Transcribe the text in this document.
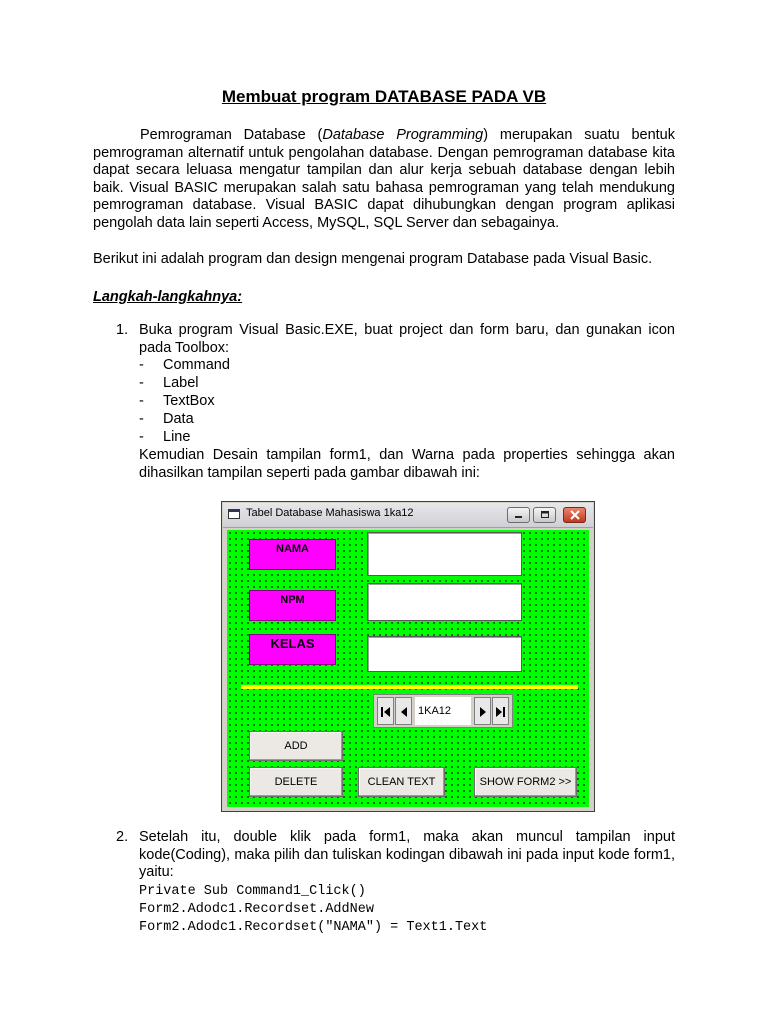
Membuat program DATABASE PADA VB

Pemrograman Database (Database Programming) merupakan suatu bentuk pemrograman alternatif untuk pengolahan database. Dengan pemrograman database kita dapat secara leluasa mengatur tampilan dan alur kerja sebuah database dengan lebih baik. Visual BASIC merupakan salah satu bahasa pemrograman yang telah mendukung pemrograman database. Visual BASIC dapat dihubungkan dengan program aplikasi pengolah data lain seperti Access, MySQL, SQL Server dan sebagainya.

Berikut ini adalah program dan design mengenai program Database pada Visual Basic.

Langkah-langkahnya:
1. Buka program Visual Basic.EXE, buat project dan form baru, dan gunakan icon pada Toolbox:
-	Command
-	Label
-	TextBox
-	Data
-	Line
Kemudian Desain tampilan form1, dan Warna pada properties sehingga akan dihasilkan tampilan seperti pada gambar dibawah ini:
Tabel Database Mahasiswa 1ka12
NAMA
NPM
KELAS
1KA12
ADD
DELETE	CLEAN TEXT	SHOW FORM2 >>
2. Setelah itu, double klik pada form1, maka akan muncul tampilan input kode(Coding), maka pilih dan tuliskan kodingan dibawah ini pada input kode form1, yaitu:
Private Sub Command1_Click()
Form2.Adodc1.Recordset.AddNew
Form2.Adodc1.Recordset("NAMA") = Text1.Text
